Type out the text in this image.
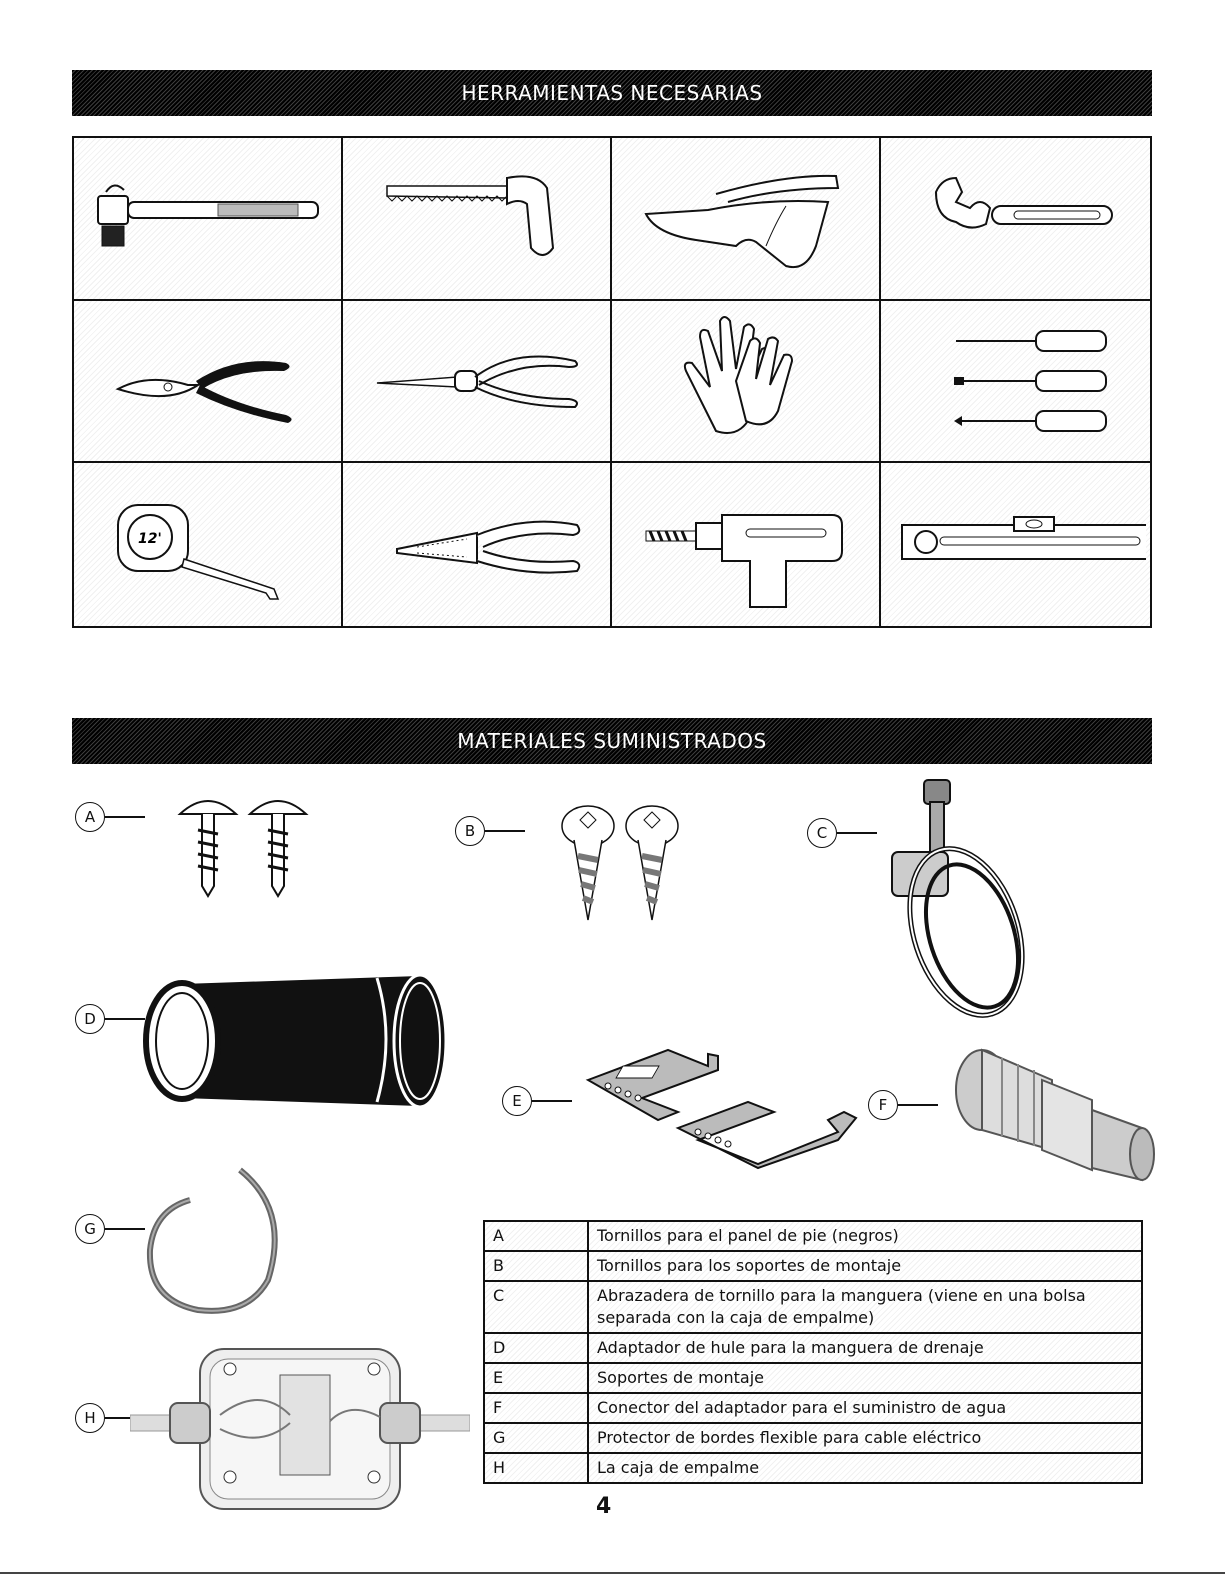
HERRAMIENTAS NECESARIAS
12'
MATERIALES SUMINISTRADOS
A
B	C
D
E	F
G
H
A	Tornillos para el panel de pie (negros)
B	Tornillos para los soportes de montaje
C	Abrazadera de tornillo para la manguera (viene en una bolsa separada con la caja de empalme)
D	Adaptador de hule para la manguera de drenaje
E	Soportes de montaje
F	Conector del adaptador para el suministro de agua
G	Protector de bordes flexible para cable eléctrico
H	La caja de empalme
4
